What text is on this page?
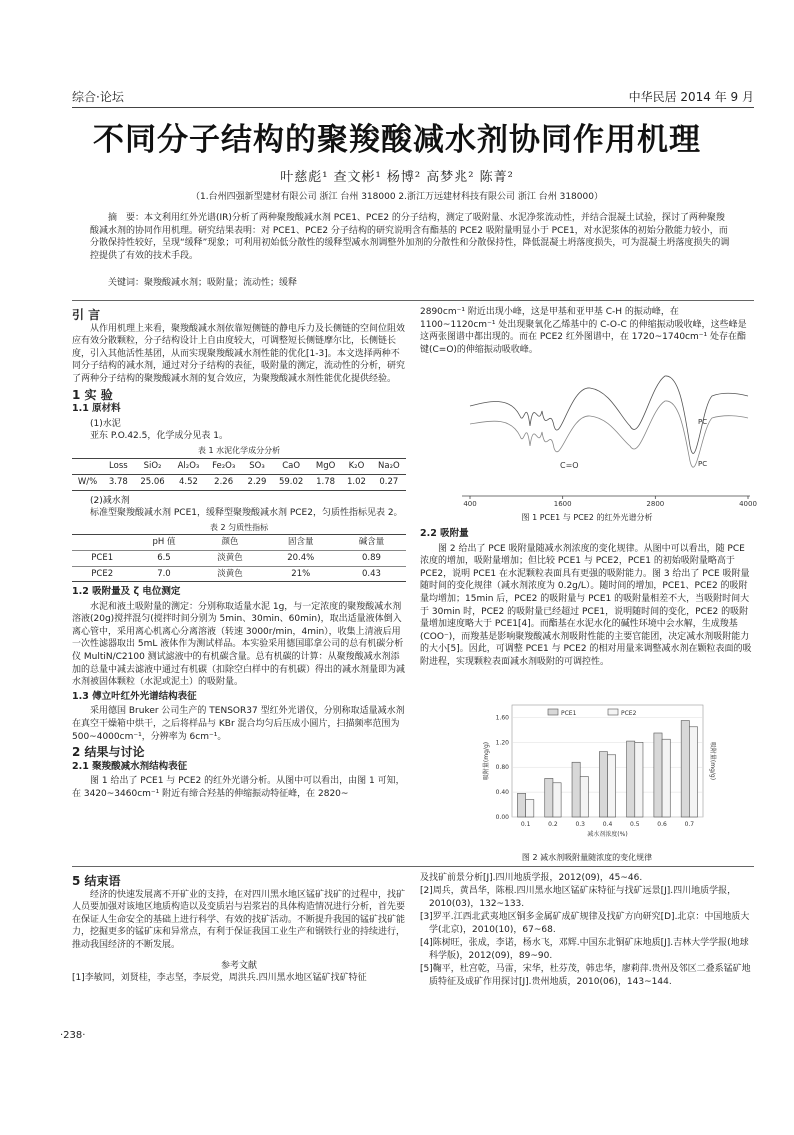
综合·论坛	中华民居 2014 年 9 月
不同分子结构的聚羧酸减水剂协同作用机理
叶慈彪¹ 查文彬¹ 杨博² 高梦兆² 陈菁²
（1.台州四强新型建材有限公司 浙江 台州 318000 2.浙江万远建材科技有限公司 浙江 台州 318000）
摘　要：本文利用红外光谱(IR)分析了两种聚羧酸减水剂 PCE1、PCE2 的分子结构，测定了吸附量、水泥净浆流动性，并结合混凝土试验，探讨了两种聚羧酸减水剂的协同作用机理。研究结果表明：对 PCE1、PCE2 分子结构的研究说明含有酯基的 PCE2 吸附量明显小于 PCE1，对水泥浆体的初始分散能力较小，而分散保持性较好，呈现“缓释”现象；可利用初始低分散性的缓释型减水剂调整外加剂的分散性和分散保持性，降低混凝土坍落度损失，可为混凝土坍落度损失的调控提供了有效的技术手段。
关键词：聚羧酸减水剂；吸附量；流动性；缓释
引 言

从作用机理上来看，聚羧酸减水剂依靠短侧链的静电斥力及长侧链的空间位阻效应有效分散颗粒，分子结构设计上自由度较大，可调整短长侧链摩尔比，长侧链长度，引入其他活性基团，从而实现聚羧酸减水剂性能的优化[1-3]。本文选择两种不同分子结构的减水剂，通过对分子结构的表征，吸附量的测定，流动性的分析，研究了两种分子结构的聚羧酸减水剂的复合效应，为聚羧酸减水剂性能优化提供经验。

1 实 验
1.1 原材料

(1)水泥

亚东 P.O.42.5，化学成分见表 1。

表 1 水泥化学成分分析
	Loss	SiO₂	Al₂O₃	Fe₂O₃	SO₃	CaO	MgO	K₂O	Na₂O
W/%	3.78	25.06	4.52	2.26	2.29	59.02	1.78	1.02	0.27

(2)减水剂

标准型聚羧酸减水剂 PCE1，缓释型聚羧酸减水剂 PCE2，匀质性指标见表 2。

表 2 匀质性指标
	pH 值	颜色	固含量	碱含量
PCE1	6.5	淡黄色	20.4%	0.89
PCE2	7.0	淡黄色	21%	0.43
1.2 吸附量及 ζ 电位测定

水泥和液土吸附量的测定：分别称取适量水泥 1g，与一定浓度的聚羧酸减水剂溶液(20g)搅拌混匀(搅拌时间分别为 5min、30min、60min)，取出适量液体倒入离心管中，采用离心机离心分离溶液（转速 3000r/min，4min），收集上清液后用一次性滤器取出 5mL 液体作为测试样品。本实验采用德国耶拿公司的总有机碳分析仪 MultiN/C2100 测试滤液中的有机碳含量。总有机碳的计算：从聚羧酸减水剂添加的总量中减去滤液中通过有机碳（扣除空白样中的有机碳）得出的减水剂量即为减水剂被固体颗粒（水泥或泥土）的吸附量。

1.3 傅立叶红外光谱结构表征

采用德国 Bruker 公司生产的 TENSOR37 型红外光谱仪，分别称取适量减水剂在真空干燥箱中烘干，之后将样品与 KBr 混合均匀后压成小圆片，扫描频率范围为 500~4000cm⁻¹，分辨率为 6cm⁻¹。

2 结果与讨论
2.1 聚羧酸减水剂结构表征

图 1 给出了 PCE1 与 PCE2 的红外光谱分析。从图中可以看出，由图 1 可知，在 3420~3460cm⁻¹ 附近有缔合羟基的伸缩振动特征峰，在 2820~

2890cm⁻¹ 附近出现小峰，这是甲基和亚甲基 C-H 的振动峰，在 1100~1120cm⁻¹ 处出现聚氧化乙烯基中的 C-O-C 的伸缩振动吸收峰，这些峰是这两张图谱中都出现的。而在 PCE2 红外图谱中，在 1720~1740cm⁻¹ 处存在酯键(C=O)的伸缩振动吸收峰。

400	1600	2800	4000
C=O
PC
PC
图 1 PCE1 与 PCE2 的红外光谱分析
2.2 吸附量

图 2 给出了 PCE 吸附量随减水剂浓度的变化规律。从图中可以看出，随 PCE 浓度的增加，吸附量增加；但比较 PCE1 与 PCE2，PCE1 的初始吸附量略高于 PCE2，说明 PCE1 在水泥颗粒表面具有更强的吸附能力。图 3 给出了 PCE 吸附量随时间的变化规律（减水剂浓度为 0.2g/L）。随时间的增加，PCE1、PCE2 的吸附量均增加；15min 后，PCE2 的吸附量与 PCE1 的吸附量相差不大，当吸附时间大于 30min 时，PCE2 的吸附量已经超过 PCE1，说明随时间的变化，PCE2 的吸附量增加速度略大于 PCE1[4]。而酯基在水泥水化的碱性环境中会水解，生成羧基(COO⁻)，而羧基是影响聚羧酸减水剂吸附性能的主要官能团，决定减水剂吸附能力的大小[5]。因此，可调整 PCE1 与 PCE2 的相对用量来调整减水剂在颗粒表面的吸附进程，实现颗粒表面减水剂吸附的可调控性。

0.00
0.40
0.80
1.20
1.60
0.1	0.2	0.3	0.4	0.5	0.6	0.7
PCE1	PCE2
减水剂浓度(%)
吸附量(mg/g)	吸附量(mg/g)
图 2 减水剂吸附量随浓度的变化规律
5 结束语

经济的快速发展离不开矿业的支持，在对四川黑水地区锰矿找矿的过程中，找矿人员要加强对该地区地质构造以及变质岩与岩浆岩的具体构造情况进行分析，首先要在保证人生命安全的基础上进行科学、有效的找矿活动。不断提升我国的锰矿找矿能力，挖掘更多的锰矿床和异常点，有利于保证我国工业生产和钢铁行业的持续进行，推动我国经济的不断发展。

参考文献
[1]李敏同，刘贤桂，李志坚，李辰党，周洪兵.四川黑水地区锰矿找矿特征
及找矿前景分析[J].四川地质学报，2012(09)，45~46.
[2]周兵，黄昌华，陈根.四川黑水地区锰矿床特征与找矿远景[J].四川地质学报，2010(03)，132~133.
[3]罗平.江西北武夷地区铜多金属矿成矿规律及找矿方向研究[D].北京：中国地质大学(北京)，2010(10)，67~68.
[4]陈树旺，张成，李诺，杨水飞，邓辉.中国东北铜矿床地质[J].吉林大学学报(地球科学版)，2012(09)，89~90.
[5]鞠平，杜宫乾，马雷，宋华，杜芬茂，韩忠华，廖莉萍.贵州及邻区二叠系锰矿地质特征及成矿作用探讨[J].贵州地质，2010(06)，143~144.
·238·
